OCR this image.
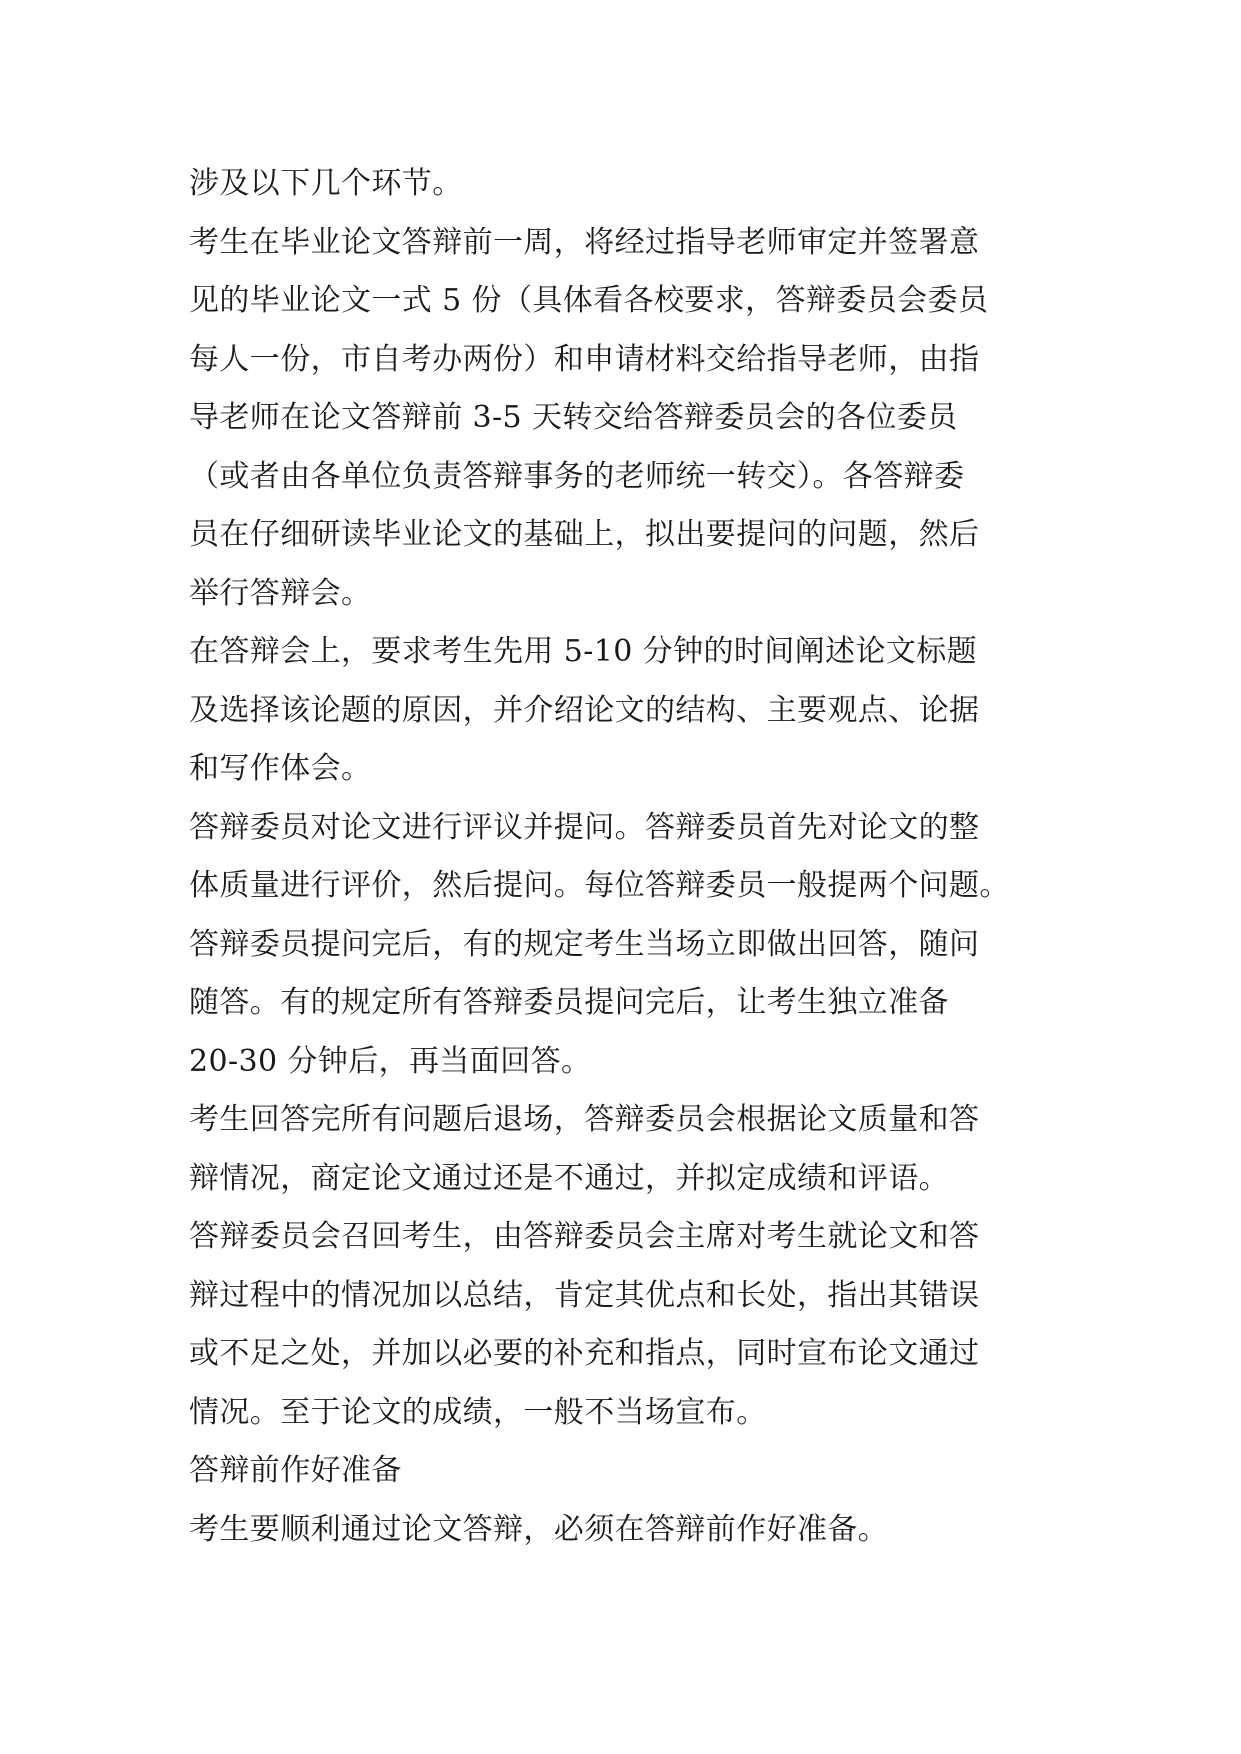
涉及以下几个环节。
考生在毕业论文答辩前一周，将经过指导老师审定并签署意
见的毕业论文一式 5 份（具体看各校要求，答辩委员会委员
每人一份，市自考办两份）和申请材料交给指导老师，由指
导老师在论文答辩前 3-5 天转交给答辩委员会的各位委员
（或者由各单位负责答辩事务的老师统一转交）。各答辩委
员在仔细研读毕业论文的基础上，拟出要提问的问题，然后
举行答辩会。
在答辩会上，要求考生先用 5-10 分钟的时间阐述论文标题
及选择该论题的原因，并介绍论文的结构、主要观点、论据
和写作体会。
答辩委员对论文进行评议并提问。答辩委员首先对论文的整
体质量进行评价，然后提问。每位答辩委员一般提两个问题。
答辩委员提问完后，有的规定考生当场立即做出回答，随问
随答。有的规定所有答辩委员提问完后，让考生独立准备
20-30 分钟后，再当面回答。
考生回答完所有问题后退场，答辩委员会根据论文质量和答
辩情况，商定论文通过还是不通过，并拟定成绩和评语。
答辩委员会召回考生，由答辩委员会主席对考生就论文和答
辩过程中的情况加以总结，肯定其优点和长处，指出其错误
或不足之处，并加以必要的补充和指点，同时宣布论文通过
情况。至于论文的成绩，一般不当场宣布。
答辩前作好准备
考生要顺利通过论文答辩，必须在答辩前作好准备。
